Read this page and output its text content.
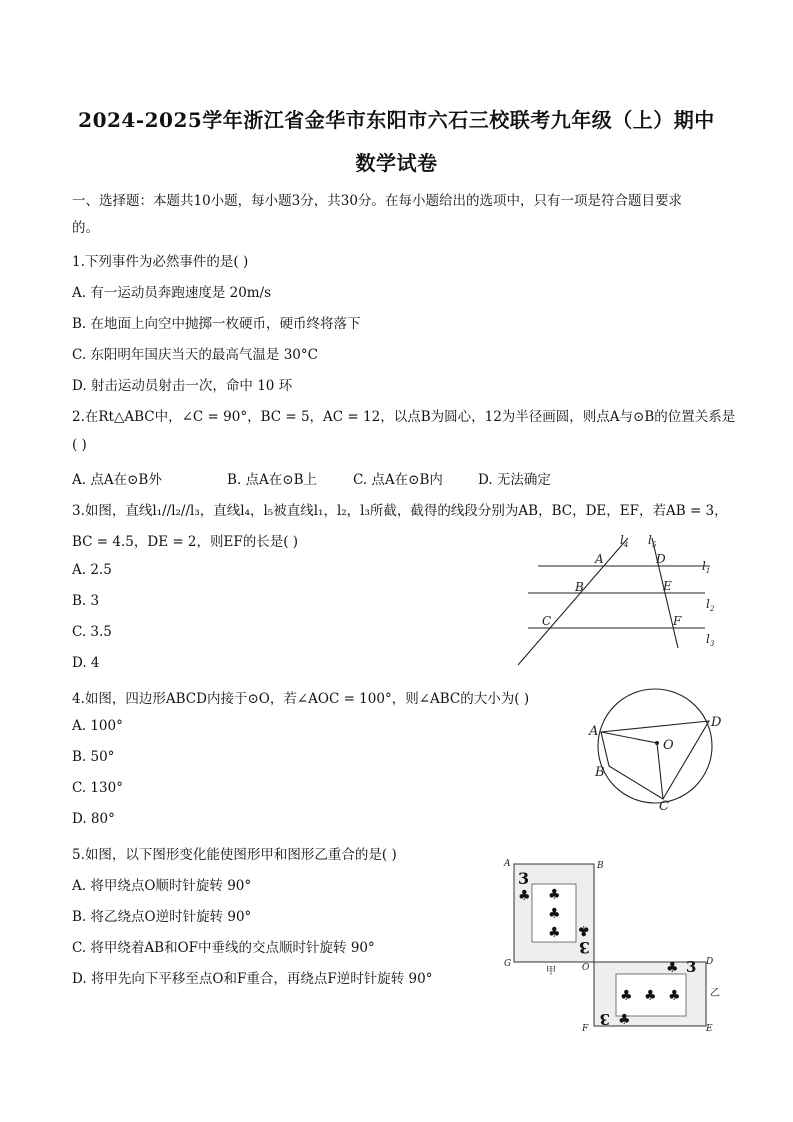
2024-2025学年浙江省金华市东阳市六石三校联考九年级（上）期中
数学试卷
一、选择题：本题共10小题，每小题3分，共30分。在每小题给出的选项中，只有一项是符合题目要求
的。
1.下列事件为必然事件的是( )
A. 有一运动员奔跑速度是 20m/s
B. 在地面上向空中抛掷一枚硬币，硬币终将落下
C. 东阳明年国庆当天的最高气温是 30°C
D. 射击运动员射击一次，命中 10 环
2.在Rt△ABC中，∠C = 90°，BC = 5，AC = 12，以点B为圆心，12为半径画圆，则点A与⊙B的位置关系是
( )
A. 点A在⊙B外	B. 点A在⊙B上	C. 点A在⊙B内	D. 无法确定
3.如图，直线l₁//l₂//l₃，直线l₄，l₅被直线l₁，l₂，l₃所截，截得的线段分别为AB，BC，DE，EF，若AB = 3，
BC = 4.5，DE = 2，则EF的长是( )
A. 2.5
B. 3
C. 3.5
D. 4
$l_4$ $l_5$
$l_1$
$l_2$
$l_3$
A
B
C
D
E
F
4.如图，四边形ABCD内接于⊙O，若∠AOC = 100°，则∠ABC的大小为( )
A. 100°
B. 50°
C. 130°
D. 80°
A
B
C
D
O
5.如图，以下图形变化能使图形甲和图形乙重合的是( )
A. 将甲绕点O顺时针旋转 90°
B. 将乙绕点O逆时针旋转 90°
C. 将甲绕着AB和OF中垂线的交点顺时针旋转 90°
D. 将甲先向下平移至点O和F重合，再绕点F逆时针旋转 90°
3
♣ ♣
♣
♣ ♣
3
♣ ♣ ♣
♣ 3
♣
3
A	B
G	O
D
F	E
甲
乙
